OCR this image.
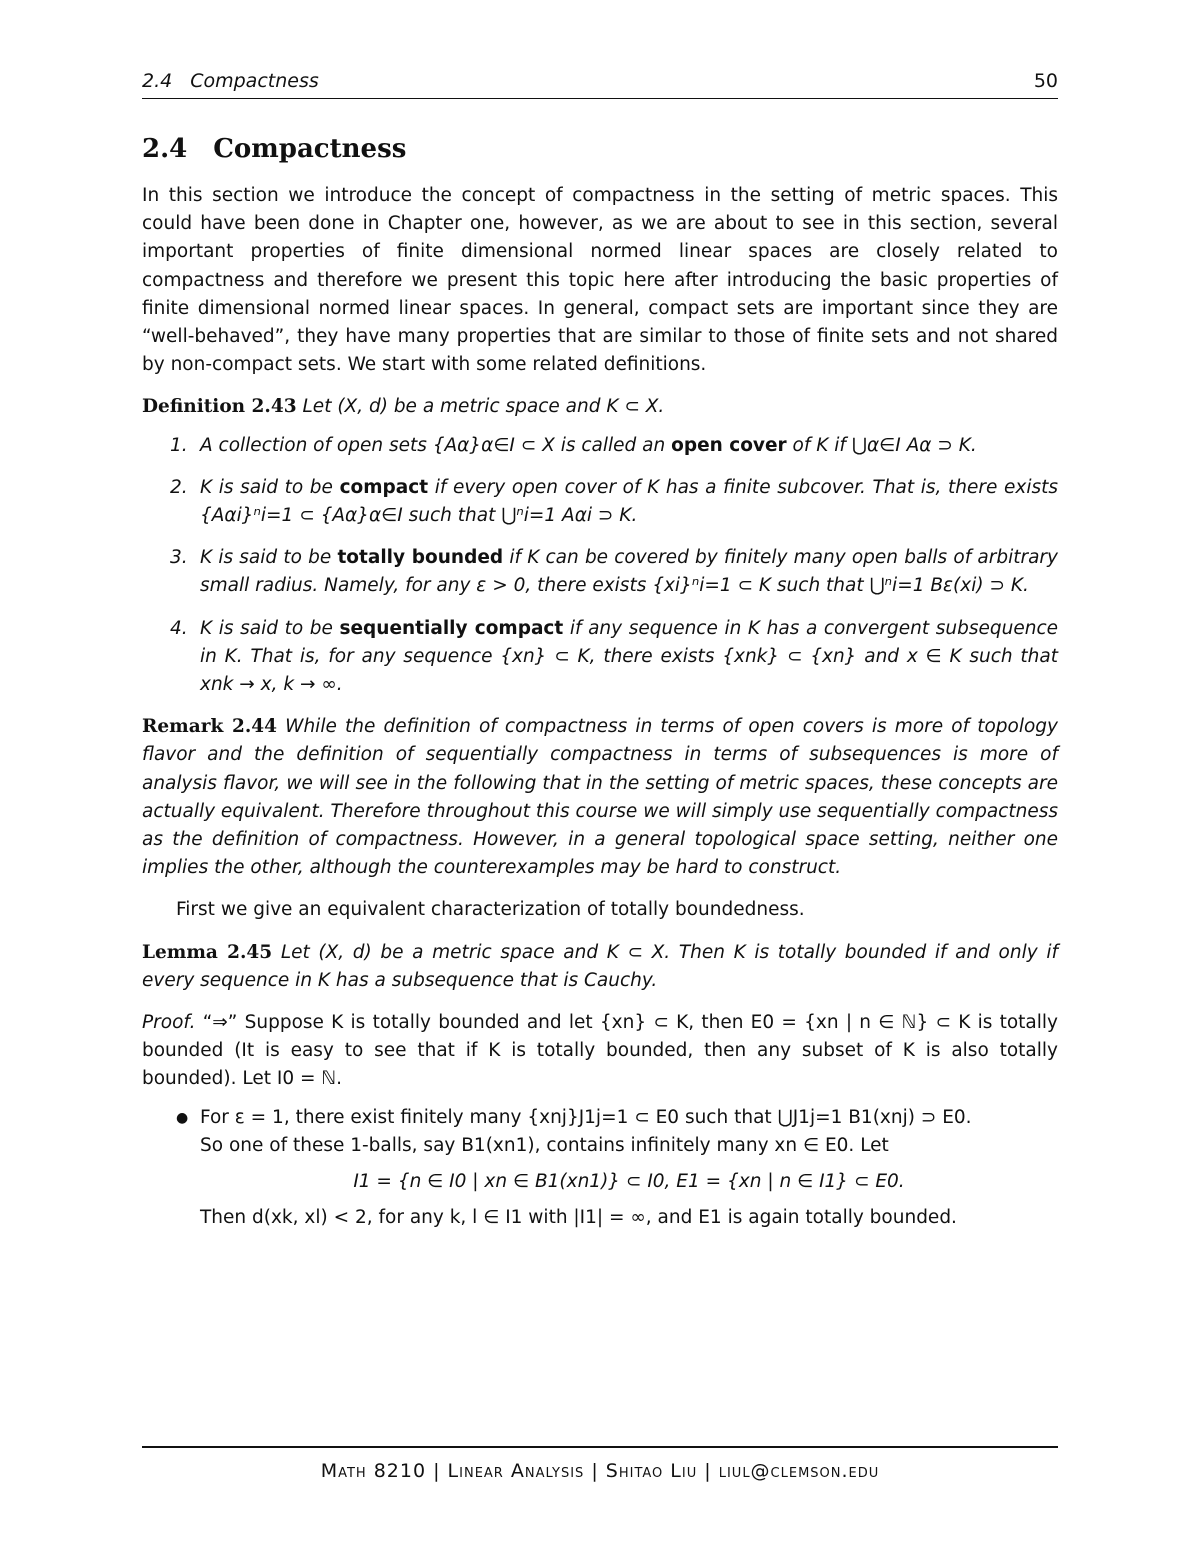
2.4 Compactness	50
2.4 Compactness

In this section we introduce the concept of compactness in the setting of metric spaces. This could have been done in Chapter one, however, as we are about to see in this section, several important properties of finite dimensional normed linear spaces are closely related to compactness and therefore we present this topic here after introducing the basic properties of finite dimensional normed linear spaces. In general, compact sets are important since they are “well-behaved”, they have many properties that are similar to those of finite sets and not shared by non-compact sets. We start with some related definitions.

Definition 2.43 Let (X, d) be a metric space and K ⊂ X.

1. A collection of open sets {Aα}α∈I ⊂ X is called an open cover of K if ⋃α∈I Aα ⊃ K.
2. K is said to be compact if every open cover of K has a finite subcover. That is, there exists {Aαi}ⁿi=1 ⊂ {Aα}α∈I such that ⋃ⁿi=1 Aαi ⊃ K.
3. K is said to be totally bounded if K can be covered by finitely many open balls of arbitrary small radius. Namely, for any ε > 0, there exists {xi}ⁿi=1 ⊂ K such that ⋃ⁿi=1 Bε(xi) ⊃ K.
4. K is said to be sequentially compact if any sequence in K has a convergent subsequence in K. That is, for any sequence {xn} ⊂ K, there exists {xnk} ⊂ {xn} and x ∈ K such that xnk → x, k → ∞.

Remark 2.44 While the definition of compactness in terms of open covers is more of topology flavor and the definition of sequentially compactness in terms of subsequences is more of analysis flavor, we will see in the following that in the setting of metric spaces, these concepts are actually equivalent. Therefore throughout this course we will simply use sequentially compactness as the definition of compactness. However, in a general topological space setting, neither one implies the other, although the counterexamples may be hard to construct.

First we give an equivalent characterization of totally boundedness.

Lemma 2.45 Let (X, d) be a metric space and K ⊂ X. Then K is totally bounded if and only if every sequence in K has a subsequence that is Cauchy.

Proof. “⇒” Suppose K is totally bounded and let {xn} ⊂ K, then E0 = {xn | n ∈ ℕ} ⊂ K is totally bounded (It is easy to see that if K is totally bounded, then any subset of K is also totally bounded). Let I0 = ℕ.

● For ε = 1, there exist finitely many {xnj}J1j=1 ⊂ E0 such that ⋃J1j=1 B1(xnj) ⊃ E0.
So one of these 1-balls, say B1(xn1), contains infinitely many xn ∈ E0. Let
I1 = {n ∈ I0 | xn ∈ B1(xn1)} ⊂ I0, E1 = {xn | n ∈ I1} ⊂ E0.
Then d(xk, xl) < 2, for any k, l ∈ I1 with |I1| = ∞, and E1 is again totally bounded.
Math 8210 | Linear Analysis | Shitao Liu | liul@clemson.edu
